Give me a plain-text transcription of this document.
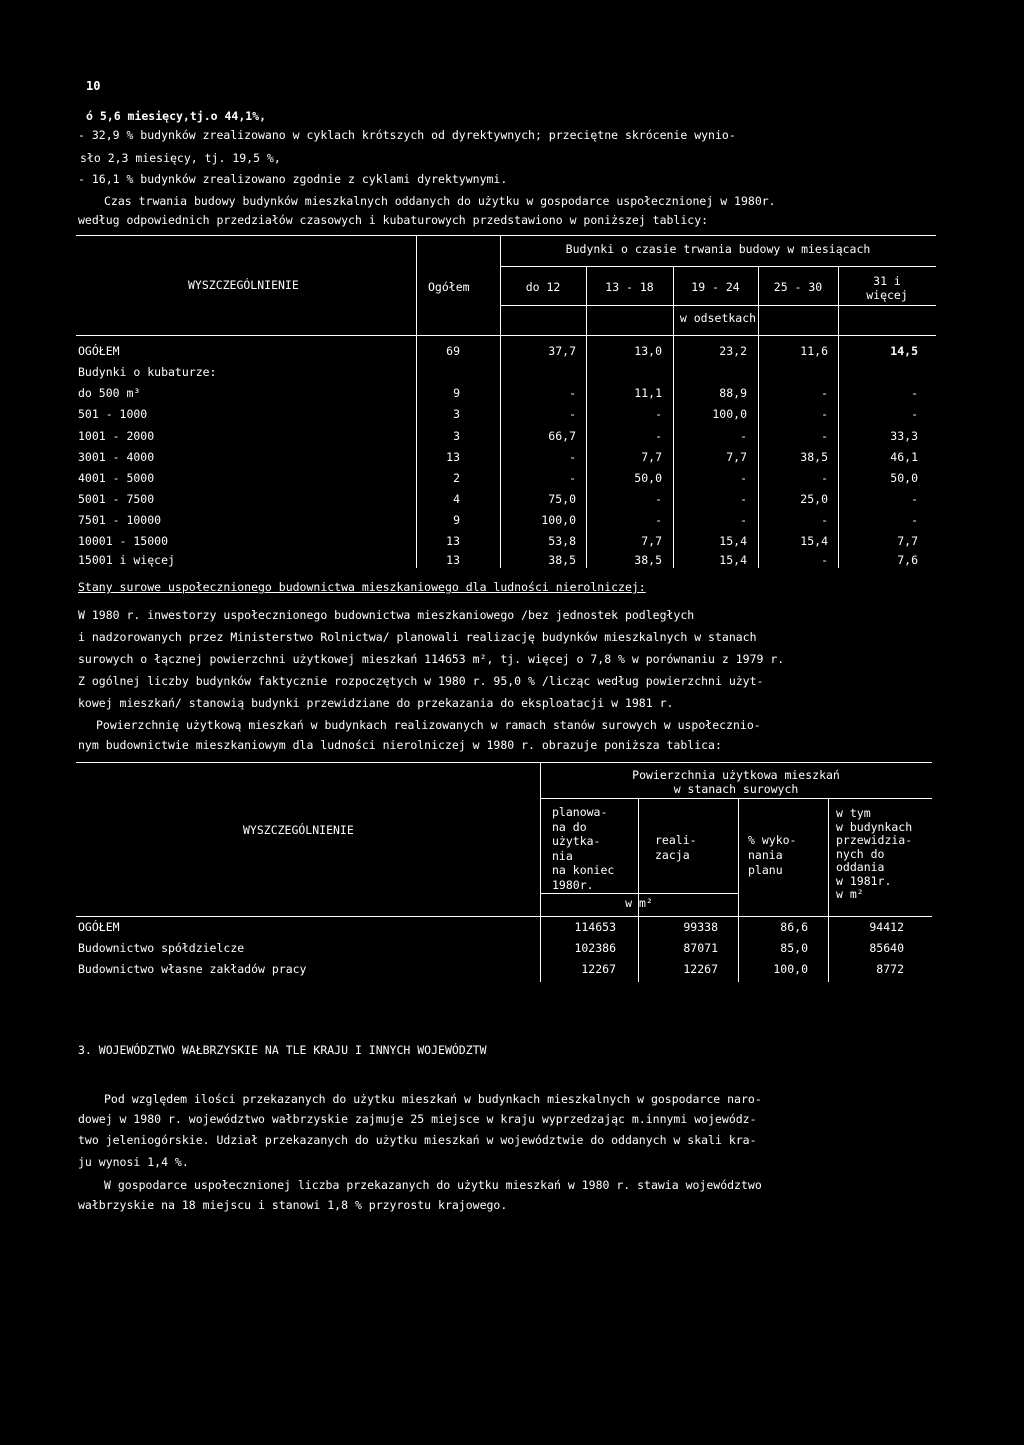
10
ó 5,6 miesięcy,tj.o 44,1%,
- 32,9 % budynków zrealizowano w cyklach krótszych od dyrektywnych; przeciętne skrócenie wynio-
sło 2,3 miesięcy, tj. 19,5 %,
- 16,1 % budynków zrealizowano zgodnie z cyklami dyrektywnymi.
Czas trwania budowy budynków mieszkalnych oddanych do użytku w gospodarce uspołecznionej w 1980r.
według odpowiednich przedziałów czasowych i kubaturowych przedstawiono w poniższej tablicy:
WYSZCZEGÓLNIENIE	Ogółem
Budynki o czasie trwania budowy w miesiącach
do 12	13 - 18	19 - 24	25 - 30	31 i
więcej
w odsetkach
OGÓŁEM	69	37,7	13,0	23,2	11,6	14,5
Budynki o kubaturze:
do 500 m³	9	-	11,1	88,9	-	-
501 - 1000	3	-	-	100,0	-	-
1001 - 2000	3	66,7	-	-	-	33,3
3001 - 4000	13	-	7,7	7,7	38,5	46,1
4001 - 5000	2	-	50,0	-	-	50,0
5001 - 7500	4	75,0	-	-	25,0	-
7501 - 10000	9	100,0	-	-	-	-
10001 - 15000	13	53,8	7,7	15,4	15,4	7,7
15001 i więcej	13	38,5	38,5	15,4	-	7,6
Stany surowe uspołecznionego budownictwa mieszkaniowego dla ludności nierolniczej:
W 1980 r. inwestorzy uspołecznionego budownictwa mieszkaniowego /bez jednostek podległych
i nadzorowanych przez Ministerstwo Rolnictwa/ planowali realizację budynków mieszkalnych w stanach
surowych o łącznej powierzchni użytkowej mieszkań 114653 m², tj. więcej o 7,8 % w porównaniu z 1979 r.
Z ogólnej liczby budynków faktycznie rozpoczętych w 1980 r. 95,0 % /licząc według powierzchni użyt-
kowej mieszkań/ stanowią budynki przewidziane do przekazania do eksploatacji w 1981 r.
Powierzchnię użytkową mieszkań w budynkach realizowanych w ramach stanów surowych w uspołecznio-
nym budownictwie mieszkaniowym dla ludności nierolniczej w 1980 r. obrazuje poniższa tablica:
WYSZCZEGÓLNIENIE
Powierzchnia użytkowa mieszkań
w stanach surowych
planowa-
na do
użytka-
nia
na koniec
1980r.
reali-
zacja
% wyko-
nania
planu
w tym
w budynkach
przewidzia-
nych do
oddania
w 1981r.
w m²
w m²
OGÓŁEM	114653	99338	86,6	94412
Budownictwo spółdzielcze	102386	87071	85,0	85640
Budownictwo własne zakładów pracy	12267	12267	100,0	8772
3. WOJEWÓDZTWO WAŁBRZYSKIE NA TLE KRAJU I INNYCH WOJEWÓDZTW
Pod względem ilości przekazanych do użytku mieszkań w budynkach mieszkalnych w gospodarce naro-
dowej w 1980 r. województwo wałbrzyskie zajmuje 25 miejsce w kraju wyprzedzając m.innymi wojewódz-
two jeleniogórskie. Udział przekazanych do użytku mieszkań w województwie do oddanych w skali kra-
ju wynosi 1,4 %.
W gospodarce uspołecznionej liczba przekazanych do użytku mieszkań w 1980 r. stawia województwo
wałbrzyskie na 18 miejscu i stanowi 1,8 % przyrostu krajowego.
